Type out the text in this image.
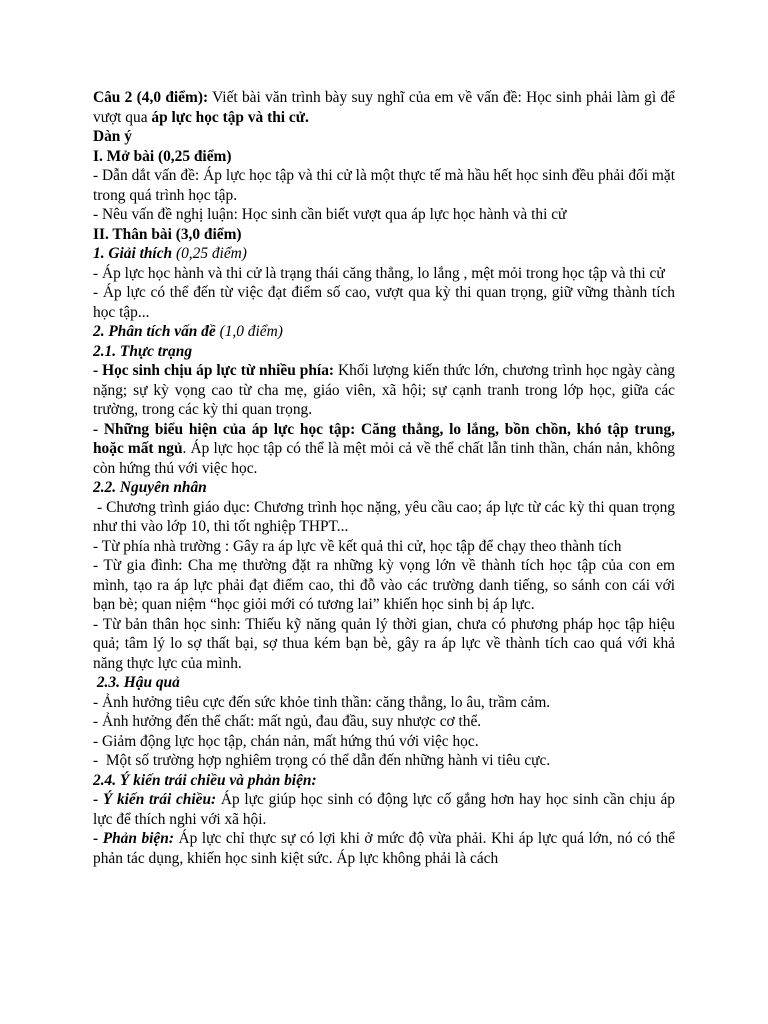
Câu 2 (4,0 điểm): Viết bài văn trình bày suy nghĩ của em về vấn đề: Học sinh phải làm gì để vượt qua áp lực học tập và thi cử.

Dàn ý

I. Mở bài (0,25 điểm)

- Dẫn dắt vấn đề: Áp lực học tập và thi cử là một thực tế mà hầu hết học sinh đều phải đối mặt trong quá trình học tập.

- Nêu vấn đề nghị luận: Học sinh cần biết vượt qua áp lực học hành và thi cử

II. Thân bài (3,0 điểm)

1. Giải thích (0,25 điểm)

- Áp lực học hành và thi cử là trạng thái căng thẳng, lo lắng , mệt mỏi trong học tập và thi cử

- Áp lực có thể đến từ việc đạt điểm số cao, vượt qua kỳ thi quan trọng, giữ vững thành tích học tập...

2. Phân tích vấn đề (1,0 điểm)

2.1. Thực trạng

- Học sinh chịu áp lực từ nhiều phía: Khối lượng kiến thức lớn, chương trình học ngày càng nặng; sự kỳ vọng cao từ cha mẹ, giáo viên, xã hội; sự cạnh tranh trong lớp học, giữa các trường, trong các kỳ thi quan trọng.

- Những biểu hiện của áp lực học tập: Căng thẳng, lo lắng, bồn chồn, khó tập trung, hoặc mất ngủ. Áp lực học tập có thể là mệt mỏi cả về thể chất lẫn tinh thần, chán nản, không còn hứng thú với việc học.

2.2. Nguyên nhân

- Chương trình giáo dục: Chương trình học nặng, yêu cầu cao; áp lực từ các kỳ thi quan trọng như thi vào lớp 10, thi tốt nghiệp THPT...

- Từ phía nhà trường : Gây ra áp lực về kết quả thi cử, học tập để chạy theo thành tích

- Từ gia đình: Cha mẹ thường đặt ra những kỳ vọng lớn về thành tích học tập của con em mình, tạo ra áp lực phải đạt điểm cao, thi đỗ vào các trường danh tiếng, so sánh con cái với bạn bè; quan niệm “học giỏi mới có tương lai” khiến học sinh bị áp lực.

- Từ bản thân học sinh: Thiếu kỹ năng quản lý thời gian, chưa có phương pháp học tập hiệu quả; tâm lý lo sợ thất bại, sợ thua kém bạn bè, gây ra áp lực về thành tích cao quá với khả năng thực lực của mình.

2.3. Hậu quả

- Ảnh hưởng tiêu cực đến sức khỏe tinh thần: căng thẳng, lo âu, trầm cảm.

- Ảnh hưởng đến thể chất: mất ngủ, đau đầu, suy nhược cơ thể.

- Giảm động lực học tập, chán nản, mất hứng thú với việc học.

-  Một số trường hợp nghiêm trọng có thể dẫn đến những hành vi tiêu cực.

2.4. Ý kiến trái chiều và phản biện:

- Ý kiến trái chiều: Áp lực giúp học sinh có động lực cố gắng hơn hay học sinh cần chịu áp lực để thích nghi với xã hội.

- Phản biện: Áp lực chỉ thực sự có lợi khi ở mức độ vừa phải. Khi áp lực quá lớn, nó có thể phản tác dụng, khiến học sinh kiệt sức. Áp lực không phải là cách
